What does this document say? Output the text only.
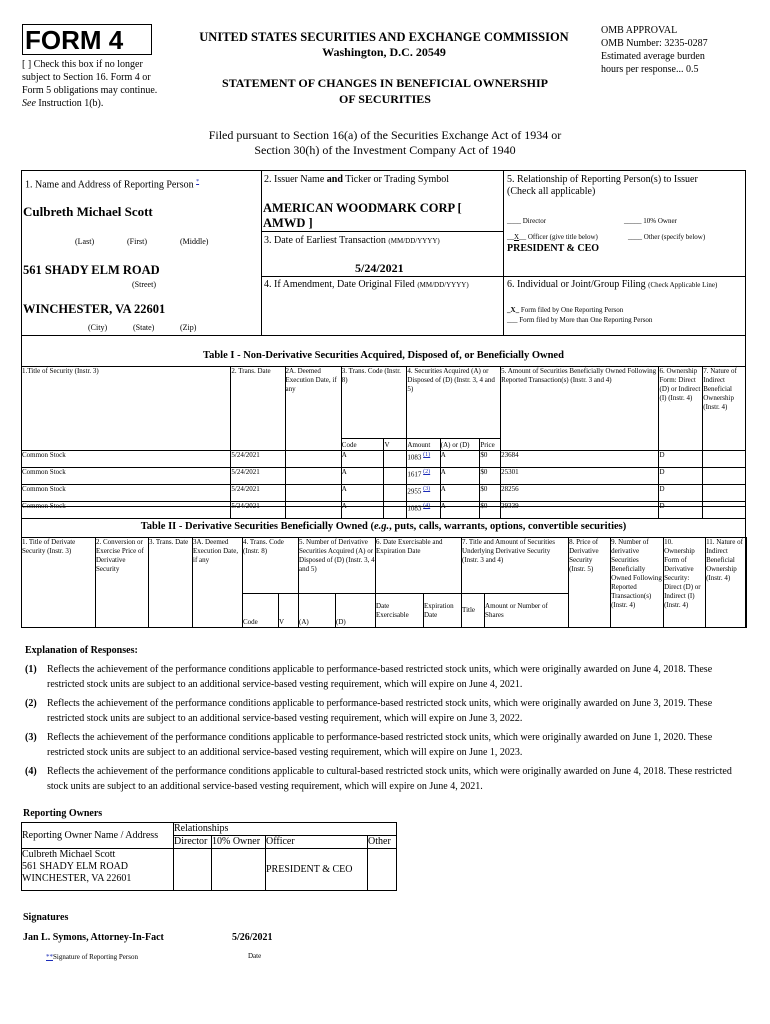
FORM 4
[ ] Check this box if no longer subject to Section 16. Form 4 or Form 5 obligations may continue. See Instruction 1(b).
UNITED STATES SECURITIES AND EXCHANGE COMMISSION
Washington, D.C. 20549
STATEMENT OF CHANGES IN BENEFICIAL OWNERSHIP OF SECURITIES
OMB APPROVAL
OMB Number: 3235-0287
Estimated average burden
hours per response... 0.5
Filed pursuant to Section 16(a) of the Securities Exchange Act of 1934 or
Section 30(h) of the Investment Company Act of 1940
1. Name and Address of Reporting Person *
Culbreth Michael Scott
(Last)	(First)	(Middle)
561 SHADY ELM ROAD
(Street)
WINCHESTER, VA 22601
(City)	(State)	(Zip)
2. Issuer Name and Ticker or Trading Symbol
AMERICAN WOODMARK CORP [ AMWD ]
3. Date of Earliest Transaction (MM/DD/YYYY)
5/24/2021
4. If Amendment, Date Original Filed (MM/DD/YYYY)
5. Relationship of Reporting Person(s) to Issuer
(Check all applicable)
____ Director	_____ 10% Owner
__X__ Officer (give title below)	____ Other (specify below)
PRESIDENT & CEO
6. Individual or Joint/Group Filing (Check Applicable Line)
_X_ Form filed by One Reporting Person
___ Form filed by More than One Reporting Person
Table I - Non-Derivative Securities Acquired, Disposed of, or Beneficially Owned
1.Title of Security (Instr. 3)	2. Trans. Date	2A. Deemed Execution Date, if any	3. Trans. Code (Instr. 8)		4. Securities Acquired (A) or Disposed of (D) (Instr. 3, 4 and 5)			5. Amount of Securities Beneficially Owned Following Reported Transaction(s) (Instr. 3 and 4)	6. Ownership Form: Direct (D) or Indirect (I) (Instr. 4)	7. Nature of Indirect Beneficial Ownership (Instr. 4)
			Code	V	Amount	(A) or (D)	Price			
Common Stock	5/24/2021		A		1083 (1)	A	$0	23684	D	
Common Stock	5/24/2021		A		1617 (2)	A	$0	25301	D	
Common Stock	5/24/2021		A		2955 (3)	A	$0	28256	D	
Common Stock	5/24/2021		A		1083 (4)	A	$0	29339	D	
Table II - Derivative Securities Beneficially Owned (e.g., puts, calls, warrants, options, convertible securities)
1. Title of Derivate Security (Instr. 3)	2. Conversion or Exercise Price of Derivative Security	3. Trans. Date	3A. Deemed Execution Date, if any	4. Trans. Code (Instr. 8)		5. Number of Derivative Securities Acquired (A) or Disposed of (D) (Instr. 3, 4 and 5)		6. Date Exercisable and Expiration Date		7. Title and Amount of Securities Underlying Derivative Security (Instr. 3 and 4)		8. Price of Derivative Security (Instr. 5)	9. Number of derivative Securities Beneficially Owned Following Reported Transaction(s) (Instr. 4)	10. Ownership Form of Derivative Security: Direct (D) or Indirect (I) (Instr. 4)	11. Nature of Indirect Beneficial Ownership (Instr. 4)
				Code	V	(A)	(D)	Date Exercisable	Expiration Date	Title	Amount or Number of Shares				
Explanation of Responses:
(1)	Reflects the achievement of the performance conditions applicable to performance-based restricted stock units, which were originally awarded on June 4, 2018. These restricted stock units are subject to an additional service-based vesting requirement, which will expire on June 4, 2021.
(2)	Reflects the achievement of the performance conditions applicable to performance-based restricted stock units, which were originally awarded on June 3, 2019. These restricted stock units are subject to an additional service-based vesting requirement, which will expire on June 3, 2022.
(3)	Reflects the achievement of the performance conditions applicable to performance-based restricted stock units, which were originally awarded on June 1, 2020. These restricted stock units are subject to an additional service-based vesting requirement, which will expire on June 1, 2023.
(4)	Reflects the achievement of the performance conditions applicable to cultural-based restricted stock units, which were originally awarded on June 4, 2018. These restricted stock units are subject to an additional service-based vesting requirement, which will expire on June 4, 2021.
Reporting Owners
Reporting Owner Name / Address	Relationships			
	Director	10% Owner	Officer	Other

Culbreth Michael Scott
561 SHADY ELM ROAD
WINCHESTER, VA 22601			PRESIDENT & CEO	
Signatures
Jan L. Symons, Attorney-In-Fact	5/26/2021
**Signature of Reporting Person	Date
